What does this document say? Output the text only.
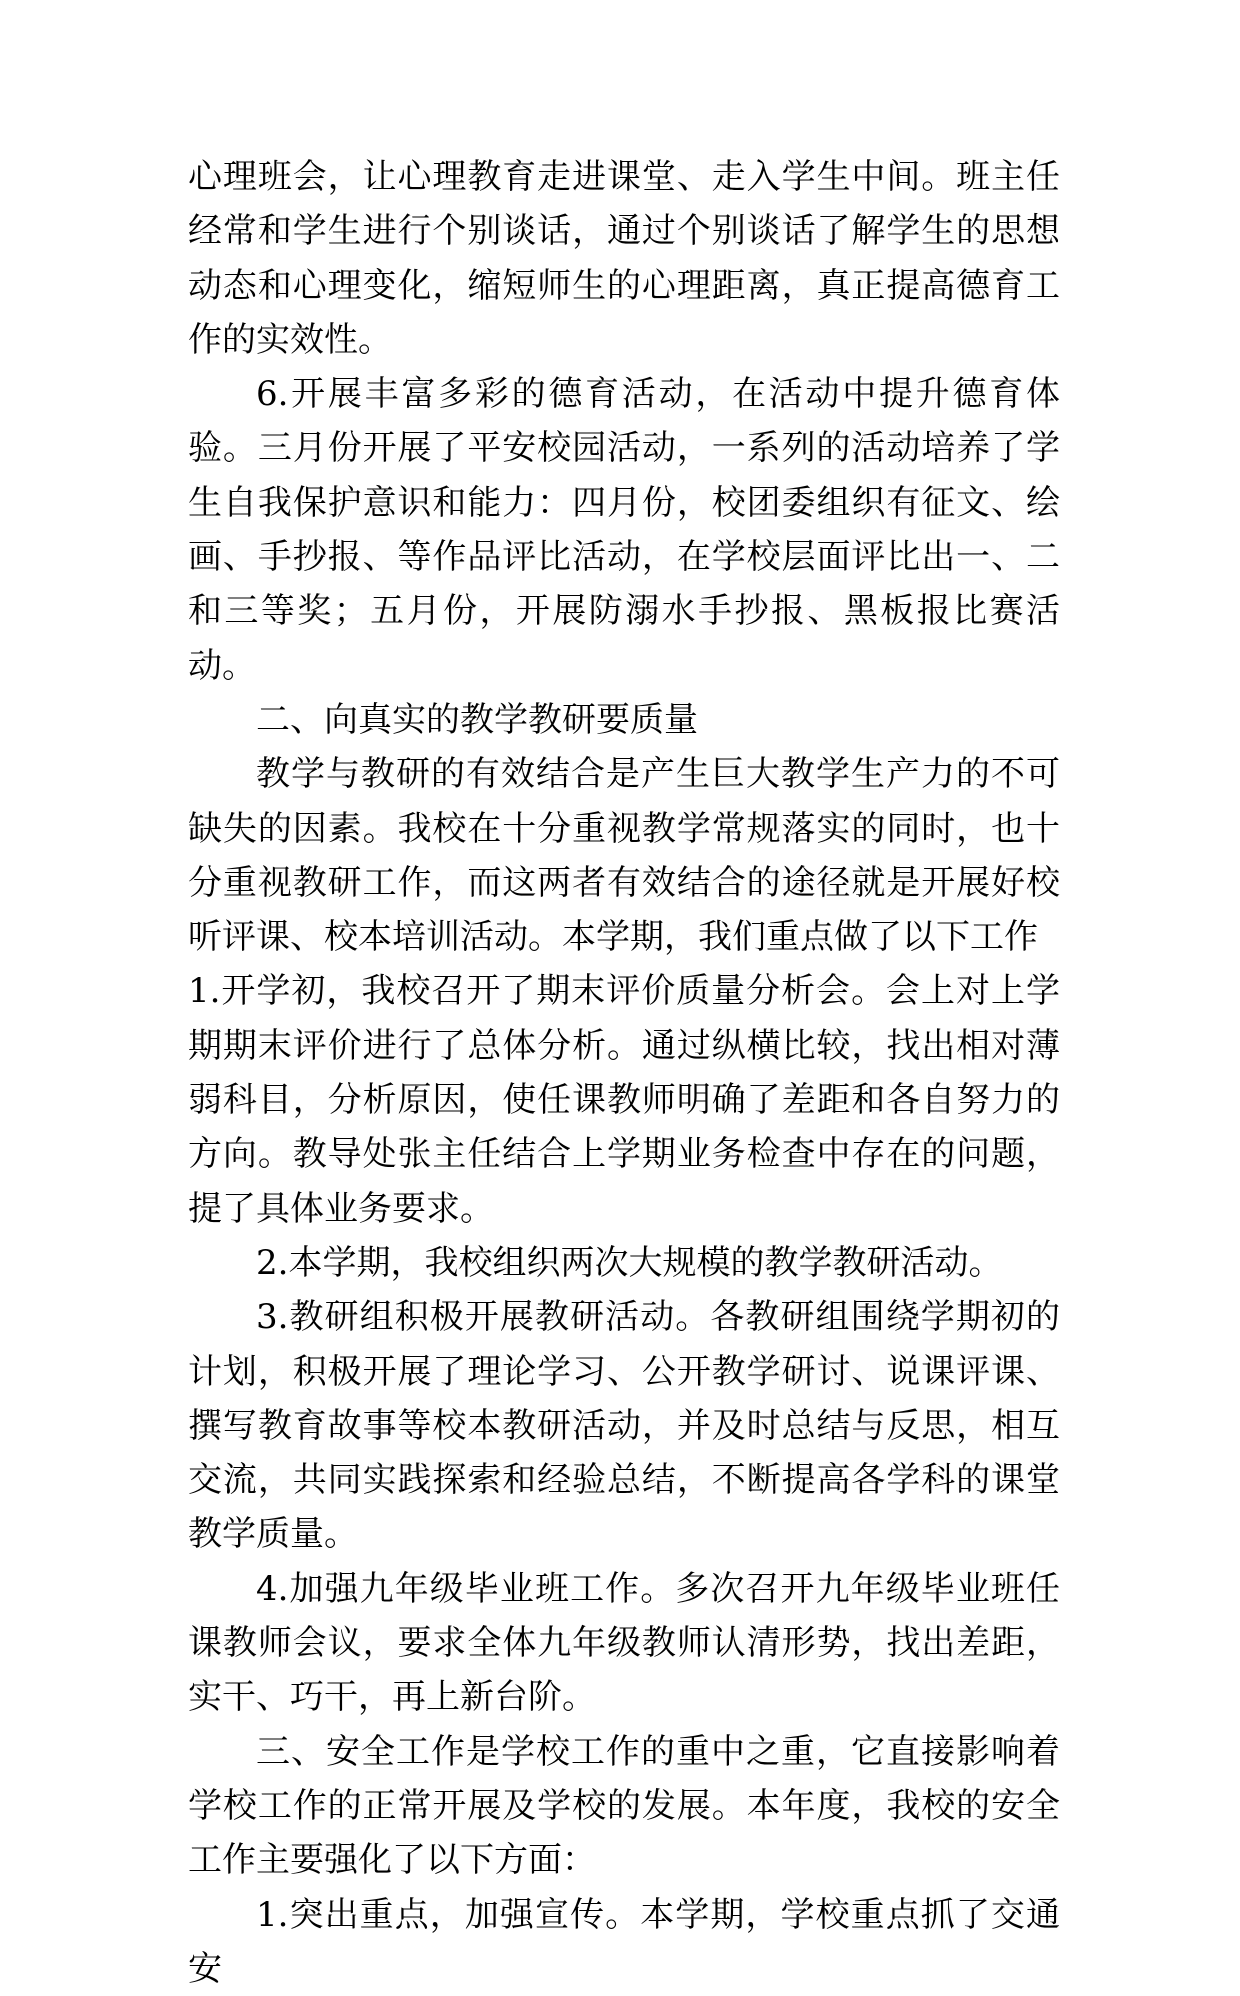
心理班会，让心理教育走进课堂、走入学生中间。班主任经常和学生进行个别谈话，通过个别谈话了解学生的思想动态和心理变化，缩短师生的心理距离，真正提高德育工作的实效性。

6.开展丰富多彩的德育活动，在活动中提升德育体验。三月份开展了平安校园活动，一系列的活动培养了学生自我保护意识和能力：四月份，校团委组织有征文、绘画、手抄报、等作品评比活动，在学校层面评比出一、二和三等奖；五月份，开展防溺水手抄报、黑板报比赛活动。

二、向真实的教学教研要质量

教学与教研的有效结合是产生巨大教学生产力的不可缺失的因素。我校在十分重视教学常规落实的同时，也十分重视教研工作，而这两者有效结合的途径就是开展好校听评课、校本培训活动。本学期，我们重点做了以下工作

1.开学初，我校召开了期末评价质量分析会。会上对上学期期末评价进行了总体分析。通过纵横比较，找出相对薄弱科目，分析原因，使任课教师明确了差距和各自努力的方向。教导处张主任结合上学期业务检查中存在的问题，提了具体业务要求。

2.本学期，我校组织两次大规模的教学教研活动。

3.教研组积极开展教研活动。各教研组围绕学期初的计划，积极开展了理论学习、公开教学研讨、说课评课、撰写教育故事等校本教研活动，并及时总结与反思，相互交流，共同实践探索和经验总结，不断提高各学科的课堂教学质量。

4.加强九年级毕业班工作。多次召开九年级毕业班任课教师会议，要求全体九年级教师认清形势，找出差距，实干、巧干，再上新台阶。

三、安全工作是学校工作的重中之重，它直接影响着学校工作的正常开展及学校的发展。本年度，我校的安全工作主要强化了以下方面：

1.突出重点，加强宣传。本学期，学校重点抓了交通安
